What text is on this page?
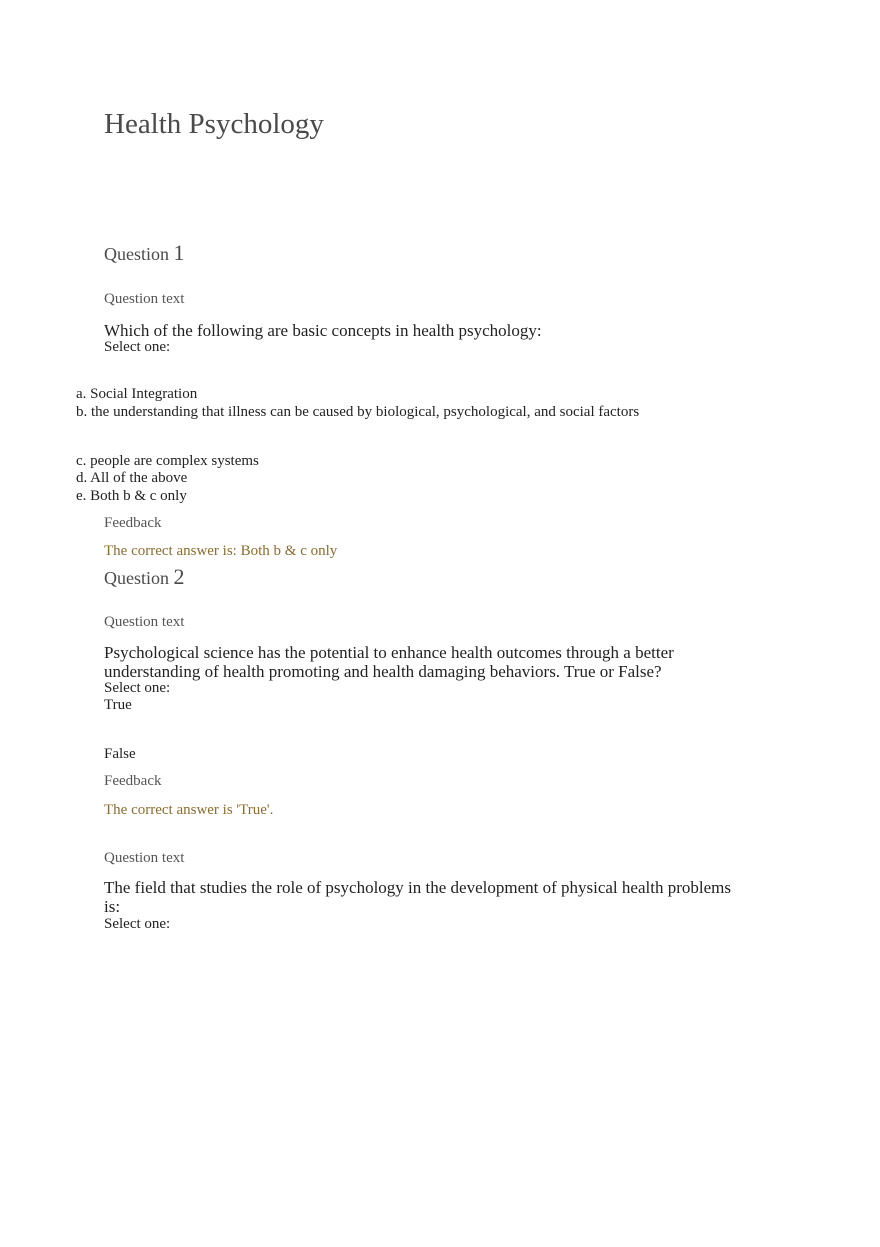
Health Psychology
Question 1
Question text
Which of the following are basic concepts in health psychology:
Select one:
a. Social Integration
b. the understanding that illness can be caused by biological, psychological, and social factors
c. people are complex systems
d. All of the above
e. Both b & c only
Feedback
The correct answer is: Both b & c only
Question 2
Question text
Psychological science has the potential to enhance health outcomes through a better
understanding of health promoting and health damaging behaviors. True or False?
Select one:
True
False
Feedback
The correct answer is 'True'.
Question text
The field that studies the role of psychology in the development of physical health problems
is:
Select one:
